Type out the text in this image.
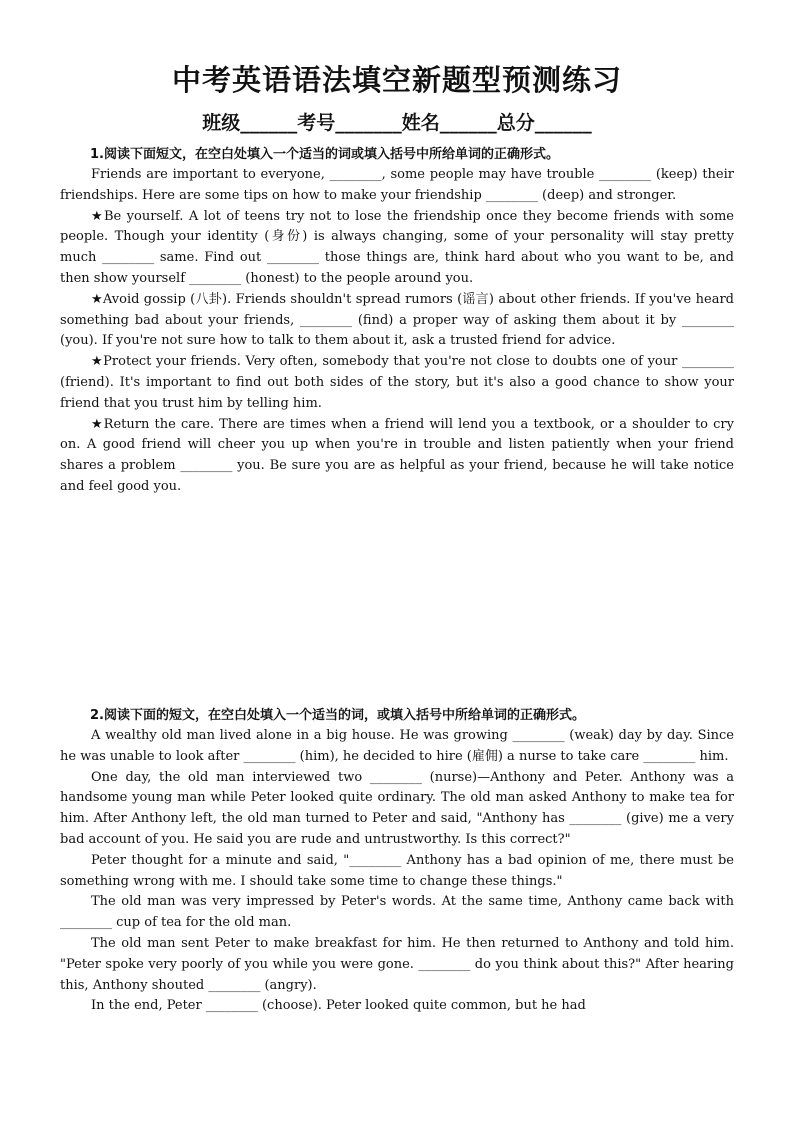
中考英语语法填空新题型预测练习
班级______考号_______姓名______总分______

1.阅读下面短文，在空白处填入一个适当的词或填入括号中所给单词的正确形式。

Friends are important to everyone, ________, some people may have trouble ________ (keep) their friendships. Here are some tips on how to make your friendship ________ (deep) and stronger.

★Be yourself. A lot of teens try not to lose the friendship once they become friends with some people. Though your identity (身份) is always changing, some of your personality will stay pretty much ________ same. Find out ________ those things are, think hard about who you want to be, and then show yourself ________ (honest) to the people around you.

★Avoid gossip (八卦). Friends shouldn't spread rumors (谣言) about other friends. If you've heard something bad about your friends, ________ (find) a proper way of asking them about it by ________ (you). If you're not sure how to talk to them about it, ask a trusted friend for advice.

★Protect your friends. Very often, somebody that you're not close to doubts one of your ________ (friend). It's important to find out both sides of the story, but it's also a good chance to show your friend that you trust him by telling him.

★Return the care. There are times when a friend will lend you a textbook, or a shoulder to cry on. A good friend will cheer you up when you're in trouble and listen patiently when your friend shares a problem ________ you. Be sure you are as helpful as your friend, because he will take notice and feel good you.

2.阅读下面的短文，在空白处填入一个适当的词，或填入括号中所给单词的正确形式。

A wealthy old man lived alone in a big house. He was growing ________ (weak) day by day. Since he was unable to look after ________ (him), he decided to hire (雇佣) a nurse to take care ________ him.

One day, the old man interviewed two ________ (nurse)—Anthony and Peter. Anthony was a handsome young man while Peter looked quite ordinary. The old man asked Anthony to make tea for him. After Anthony left, the old man turned to Peter and said, "Anthony has ________ (give) me a very bad account of you. He said you are rude and untrustworthy. Is this correct?"

Peter thought for a minute and said, "________ Anthony has a bad opinion of me, there must be something wrong with me. I should take some time to change these things."

The old man was very impressed by Peter's words. At the same time, Anthony came back with ________ cup of tea for the old man.

The old man sent Peter to make breakfast for him. He then returned to Anthony and told him. "Peter spoke very poorly of you while you were gone. ________ do you think about this?" After hearing this, Anthony shouted ________ (angry).

In the end, Peter ________ (choose). Peter looked quite common, but he had
